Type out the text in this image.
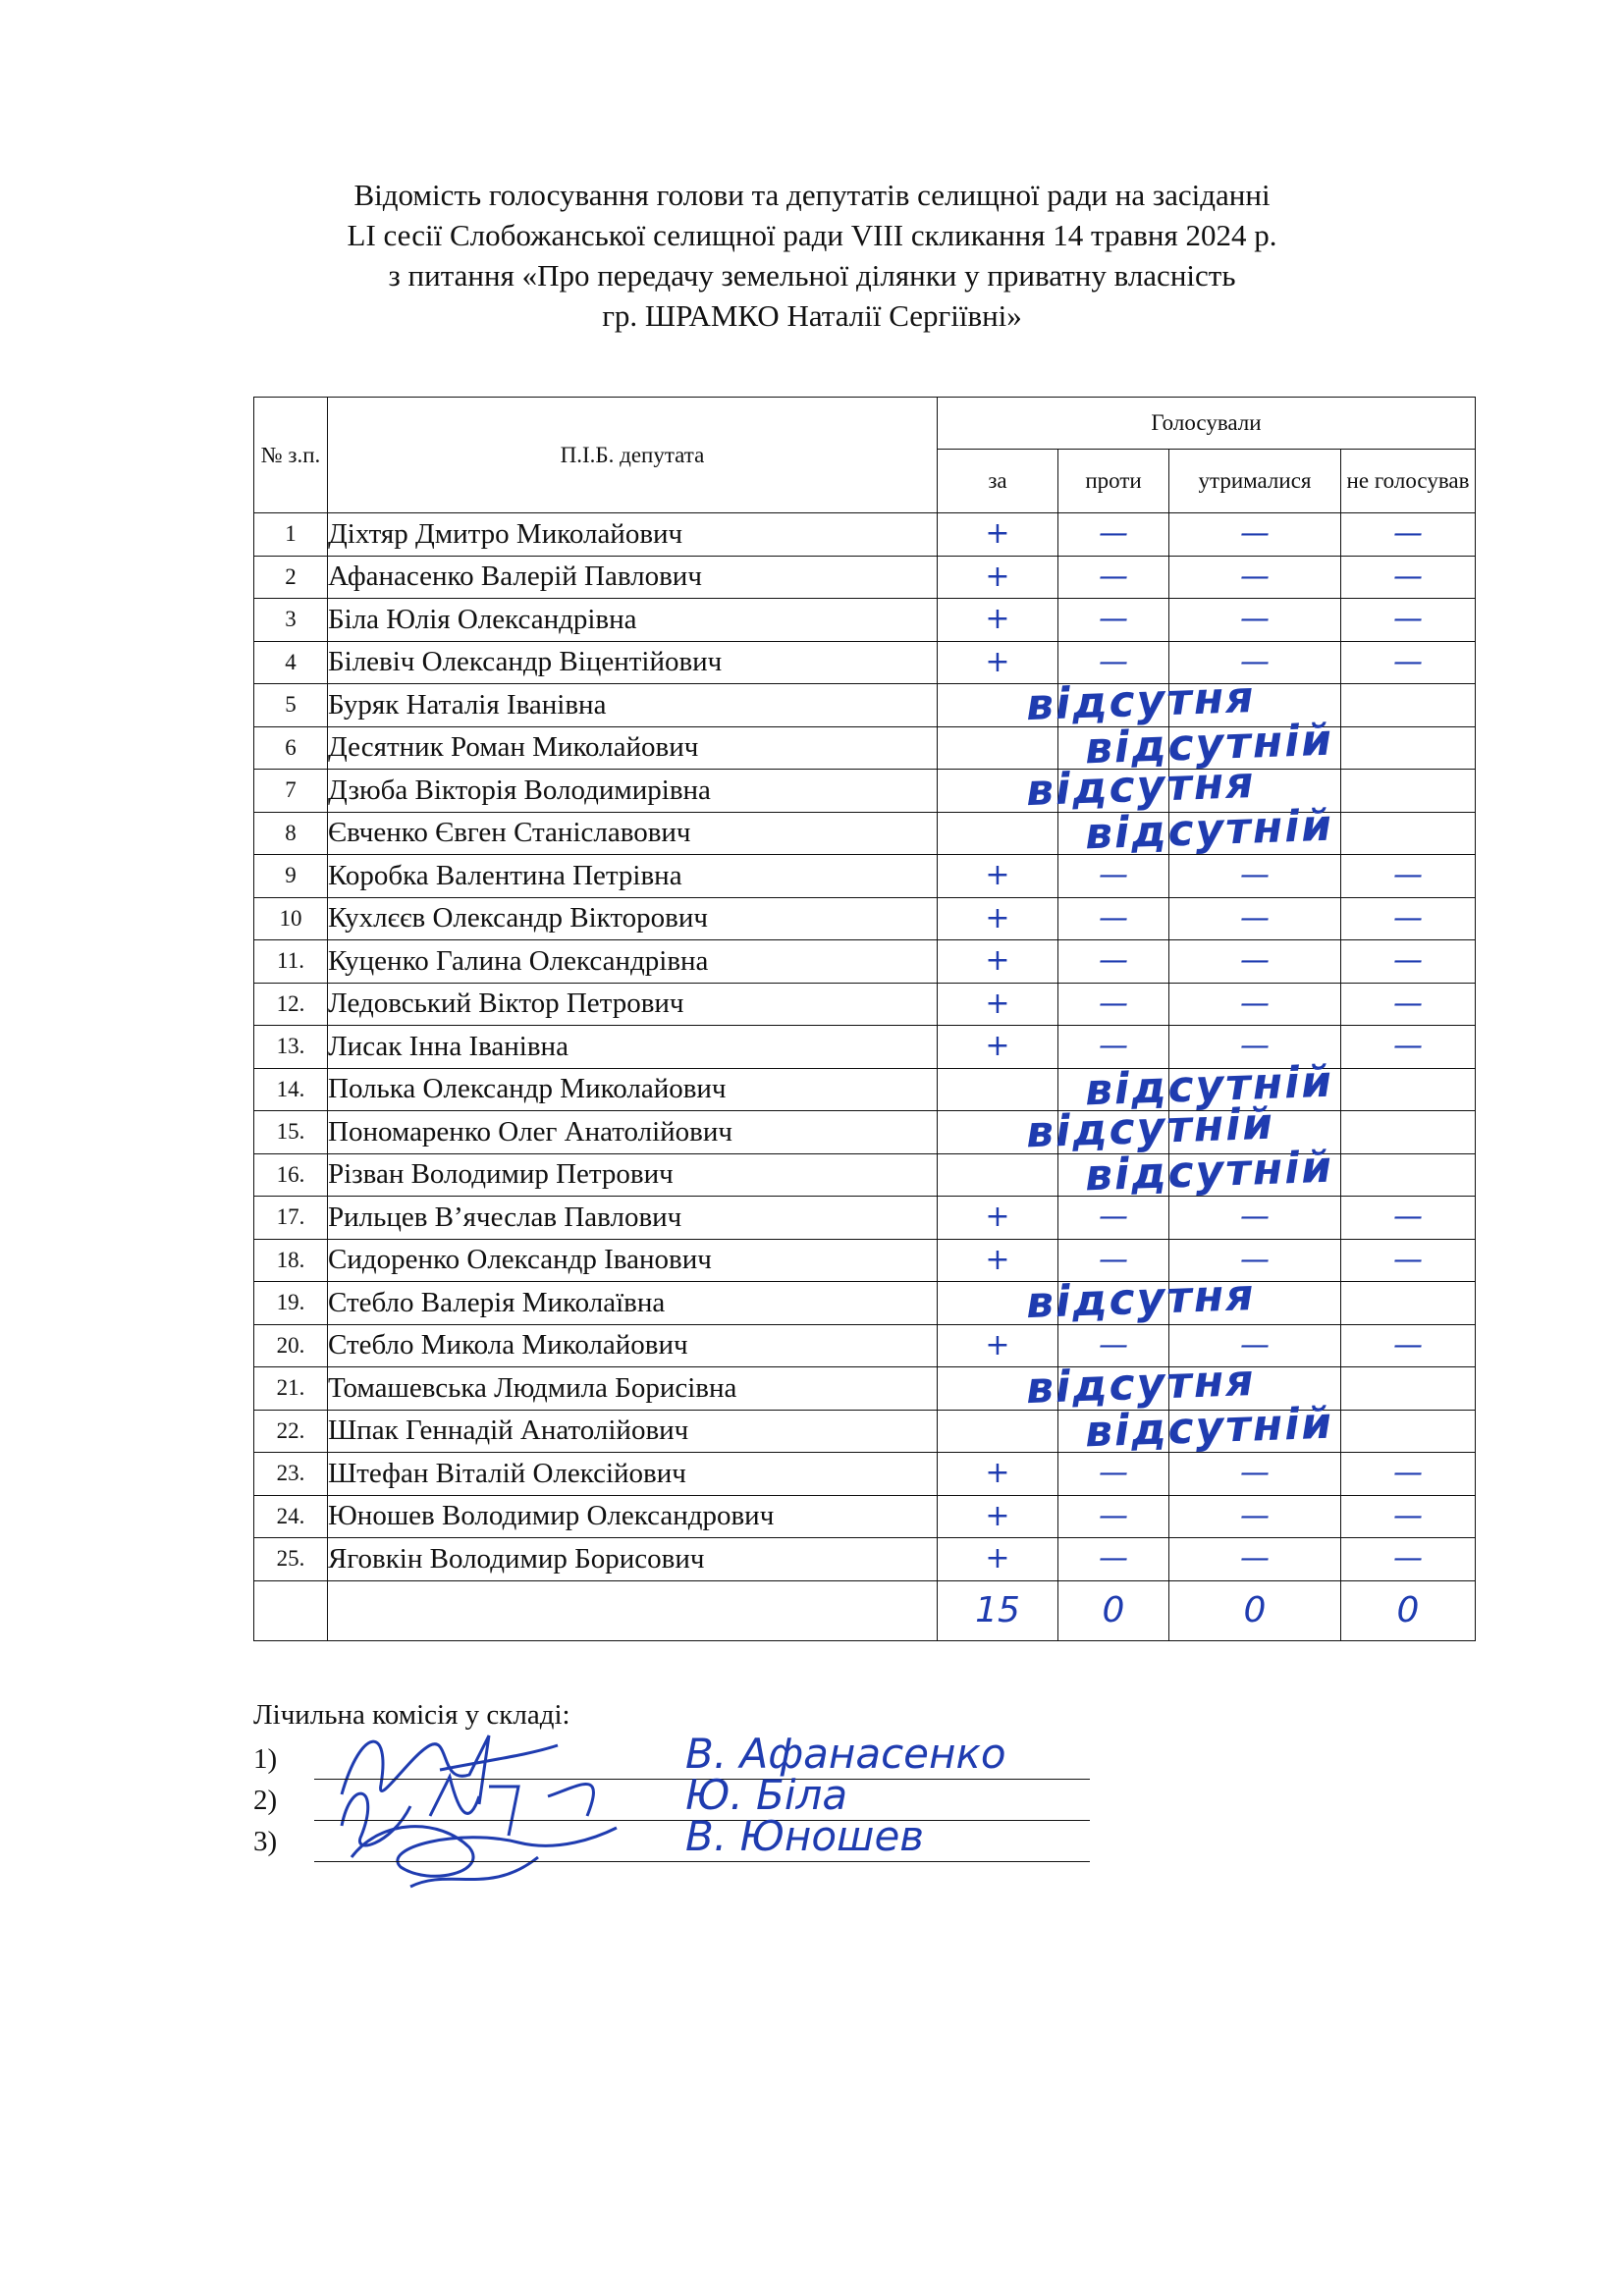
Відомість голосування голови та депутатів селищної ради на засіданні
LI сесії Слобожанської селищної ради VIII скликання 14 травня 2024 р.
з питання «Про передачу земельної ділянки у приватну власність
гр. ШРАМКО Наталії Сергіївні»
№ з.п.	П.І.Б. депутата	Голосували			
		за	проти	утрималися	не голосував
1	Діхтяр Дмитро Миколайович	+	—	—	—

2	Афанасенко Валерій Павлович	+	—	—	—

3	Біла Юлія Олександрівна	+	—	—	—

4	Білевіч Олександр Віцентійович	+	—	—	—

5	Буряк Наталія Іванівна	відсутня			

6	Десятник Роман Миколайович	відсутній			

7	Дзюба Вікторія Володимирівна	відсутня			

8	Євченко Євген Станіславович	відсутній			

9	Коробка Валентина Петрівна	+	—	—	—

10	Кухлєєв Олександр Вікторович	+	—	—	—

11.	Куценко Галина Олександрівна	+	—	—	—

12.	Ледовський Віктор Петрович	+	—	—	—

13.	Лисак Інна Іванівна	+	—	—	—

14.	Полька Олександр Миколайович	відсутній			

15.	Пономаренко Олег Анатолійович	відсутній			

16.	Різван Володимир Петрович	відсутній			

17.	Рильцев В’ячеслав Павлович	+	—	—	—

18.	Сидоренко Олександр Іванович	+	—	—	—

19.	Стебло Валерія Миколаївна	відсутня			

20.	Стебло Микола Миколайович	+	—	—	—

21.	Томашевська Людмила Борисівна	відсутня			

22.	Шпак Геннадій Анатолійович	відсутній			

23.	Штефан Віталій Олексійович	+	—	—	—

24.	Юношев Володимир Олександрович	+	—	—	—

25.	Яговкін Володимир Борисович	+	—	—	—

		15	0	0	0
Лічильна комісія у складі:
1)	В. Афанасенко
2)	Ю. Біла
3)	В. Юношев
